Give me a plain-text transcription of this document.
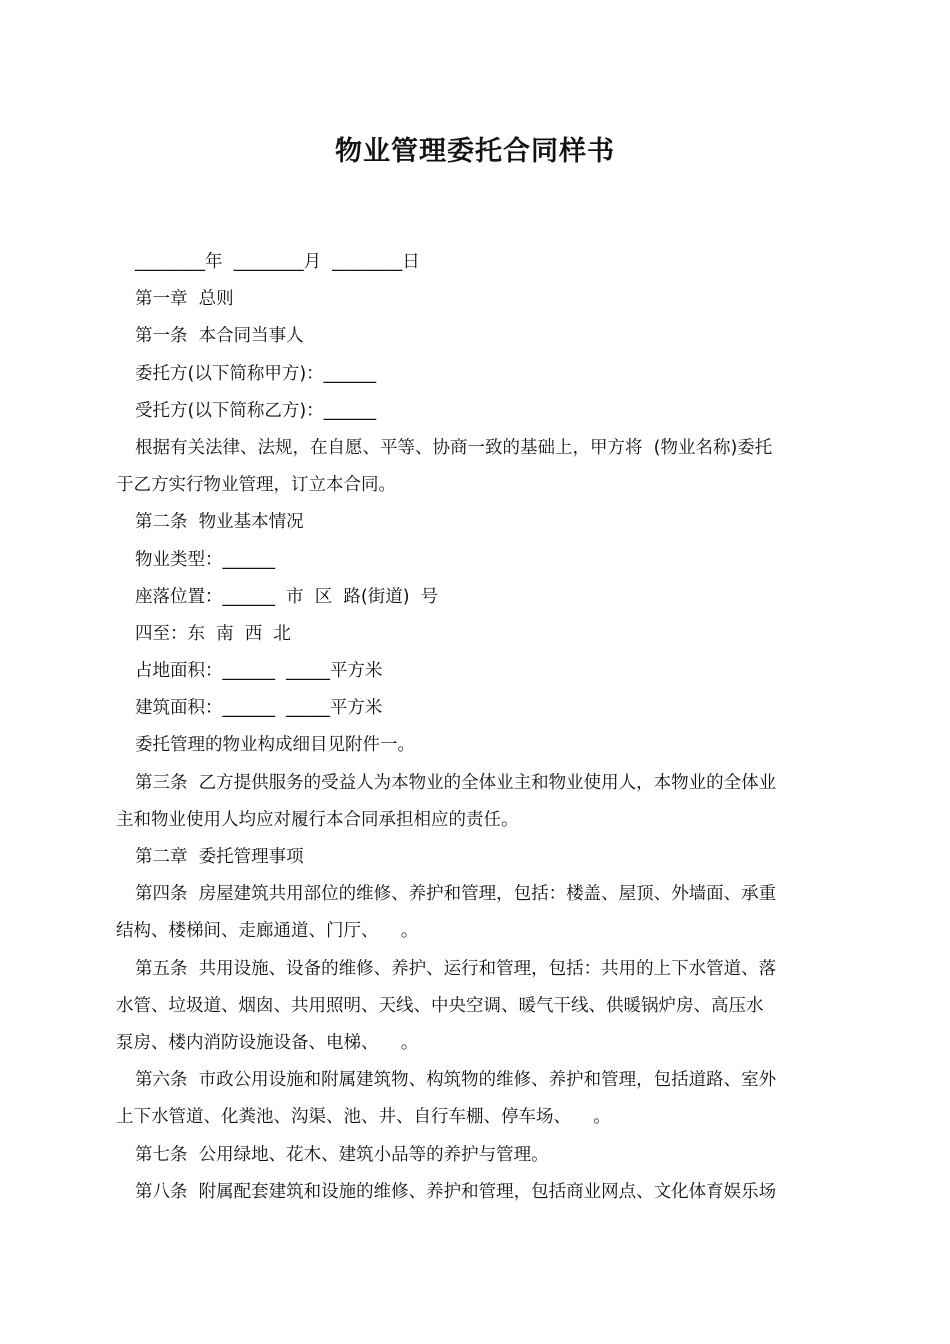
物业管理委托合同样书
________年  ________月  ________日
第一章  总则
第一条  本合同当事人
委托方(以下简称甲方)：______
受托方(以下简称乙方)：______
根据有关法律、法规，在自愿、平等、协商一致的基础上，甲方将  (物业名称)委托
于乙方实行物业管理，订立本合同。
第二条  物业基本情况
物业类型：______
座落位置：______  市  区  路(街道)  号
四至：东  南  西  北
占地面积：______  _____平方米
建筑面积：______  _____平方米
委托管理的物业构成细目见附件一。
第三条  乙方提供服务的受益人为本物业的全体业主和物业使用人，本物业的全体业
主和物业使用人均应对履行本合同承担相应的责任。
第二章  委托管理事项
第四条  房屋建筑共用部位的维修、养护和管理，包括：楼盖、屋顶、外墙面、承重
结构、楼梯间、走廊通道、门厅、    。
第五条  共用设施、设备的维修、养护、运行和管理，包括：共用的上下水管道、落
水管、垃圾道、烟囱、共用照明、天线、中央空调、暖气干线、供暖锅炉房、高压水
泵房、楼内消防设施设备、电梯、    。
第六条  市政公用设施和附属建筑物、构筑物的维修、养护和管理，包括道路、室外
上下水管道、化粪池、沟渠、池、井、自行车棚、停车场、    。
第七条  公用绿地、花木、建筑小品等的养护与管理。
第八条  附属配套建筑和设施的维修、养护和管理，包括商业网点、文化体育娱乐场
